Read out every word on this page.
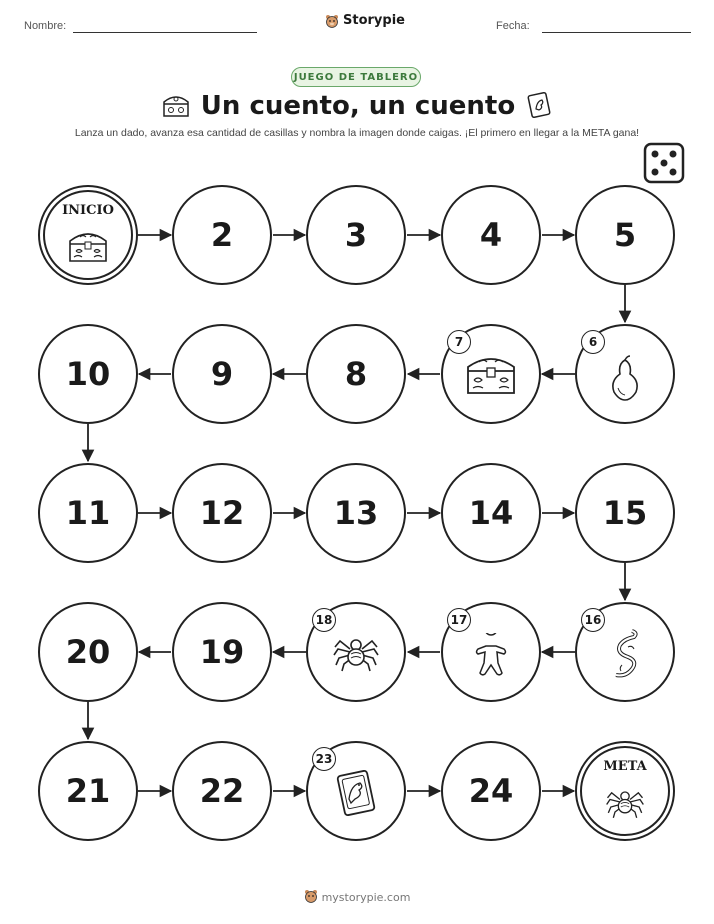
Nombre:	Storypie	Fecha:
JUEGO DE TABLERO
Un cuento, un cuento
Lanza un dado, avanza esa cantidad de casillas y nombra la imagen donde caigas. ¡El primero en llegar a la META gana!
INICIO
2	3	4	5
10	9	8
7	6
11	12	13	14	15
20	19
18	17	16
21	22
23
24
META
mystorypie.com
